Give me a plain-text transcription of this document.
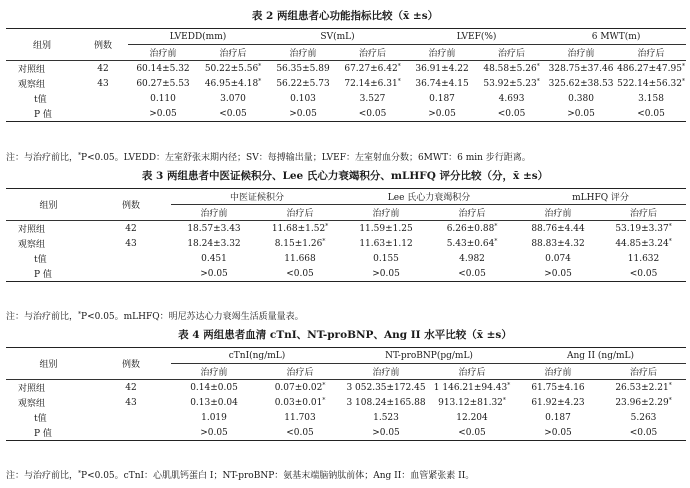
表 2 两组患者心功能指标比较（x̄ ±s）
组别	例数	LVEDD(mm)		SV(mL)		LVEF(%)		6 MWT(m)	
		治疗前	治疗后	治疗前	治疗后	治疗前	治疗后	治疗前	治疗后
对照组	42	60.14±5.32	50.22±5.56*	56.35±5.89	67.27±6.42*	36.91±4.22	48.58±5.26*	328.75±37.46	486.27±47.95*
观察组	43	60.27±5.53	46.95±4.18*	56.22±5.73	72.14±6.31*	36.74±4.15	53.92±5.23*	325.62±38.53	522.14±56.32*
t值		0.110	3.070	0.103	3.527	0.187	4.693	0.380	3.158
P 值		>0.05	<0.05	>0.05	<0.05	>0.05	<0.05	>0.05	<0.05
注：与治疗前比，*P<0.05。LVEDD：左室舒张末期内径；SV：每搏输出量；LVEF：左室射血分数；6MWT：6 min 步行距离。
表 3 两组患者中医证候积分、Lee 氏心力衰竭积分、mLHFQ 评分比较（分，x̄ ±s）
组别	例数	中医证候积分		Lee 氏心力衰竭积分		mLHFQ 评分	
		治疗前	治疗后	治疗前	治疗后	治疗前	治疗后
对照组	42	18.57±3.43	11.68±1.52*	11.59±1.25	6.26±0.88*	88.76±4.44	53.19±3.37*
观察组	43	18.24±3.32	8.15±1.26*	11.63±1.12	5.43±0.64*	88.83±4.32	44.85±3.24*
t值		0.451	11.668	0.155	4.982	0.074	11.632
P 值		>0.05	<0.05	>0.05	<0.05	>0.05	<0.05
注：与治疗前比，*P<0.05。mLHFQ：明尼苏达心力衰竭生活质量量表。
表 4 两组患者血清 cTnI、NT-proBNP、Ang II 水平比较（x̄ ±s）
组别	例数	cTnI(ng/mL)		NT-proBNP(pg/mL)		Ang II (ng/mL)	
		治疗前	治疗后	治疗前	治疗后	治疗前	治疗后
对照组	42	0.14±0.05	0.07±0.02*	3 052.35±172.45	1 146.21±94.43*	61.75±4.16	26.53±2.21*
观察组	43	0.13±0.04	0.03±0.01*	3 108.24±165.88	913.12±81.32*	61.92±4.23	23.96±2.29*
t值		1.019	11.703	1.523	12.204	0.187	5.263
P 值		>0.05	<0.05	>0.05	<0.05	>0.05	<0.05
注：与治疗前比，*P<0.05。cTnI：心肌肌钙蛋白 I；NT-proBNP：氨基末端脑钠肽前体；Ang II：血管紧张素 II。
